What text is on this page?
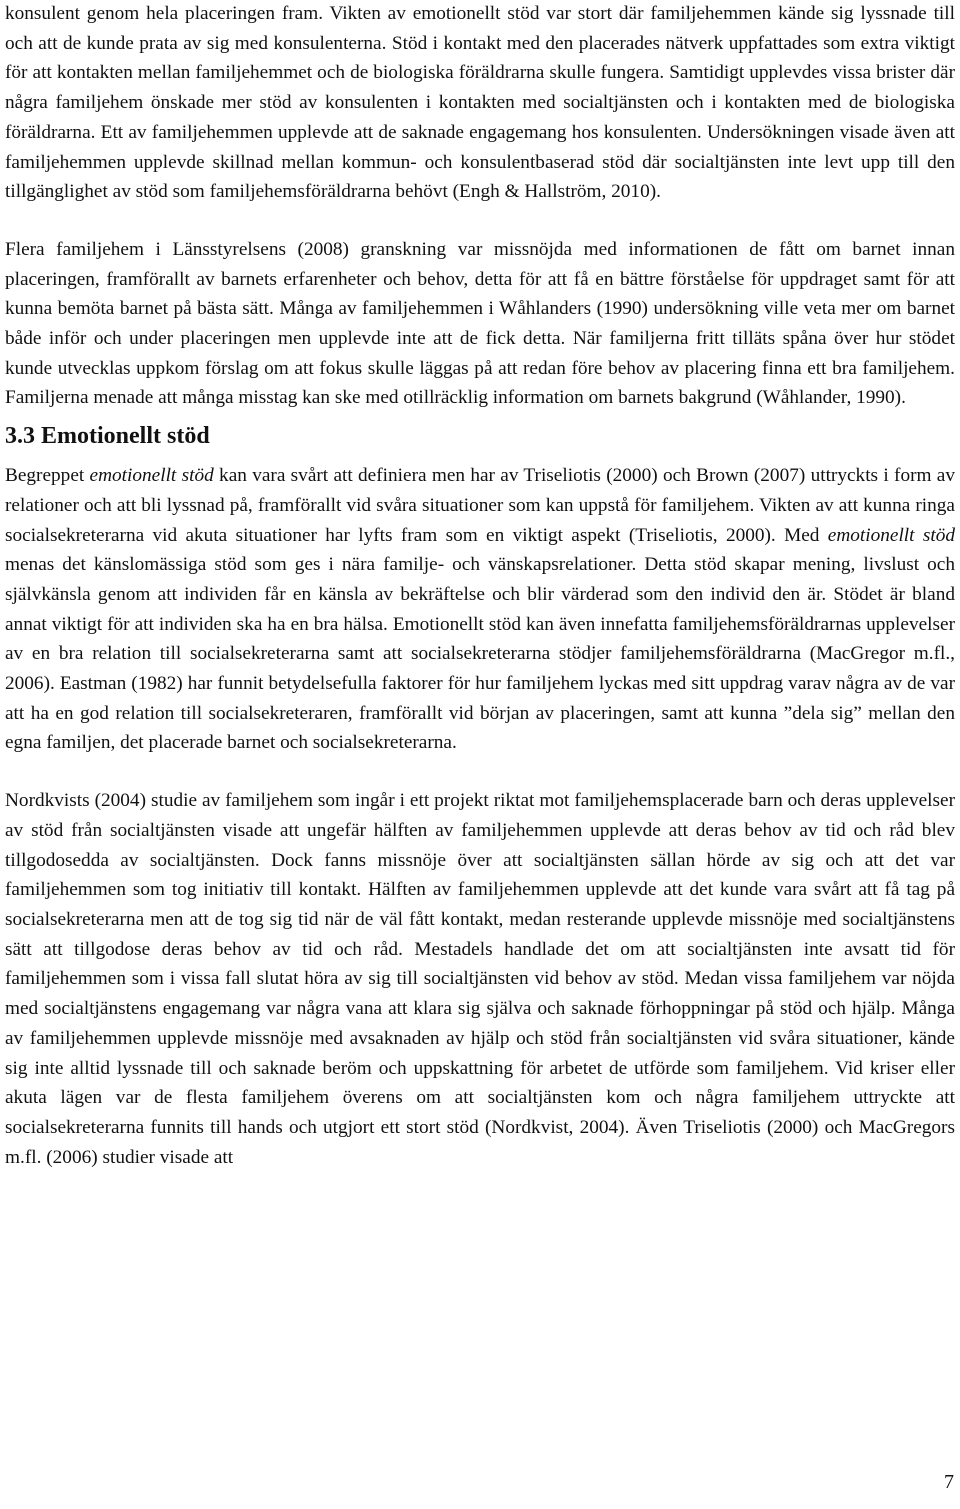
konsulent genom hela placeringen fram. Vikten av emotionellt stöd var stort där familjehemmen kände sig lyssnade till och att de kunde prata av sig med konsulenterna. Stöd i kontakt med den placerades nätverk uppfattades som extra viktigt för att kontakten mellan familjehemmet och de biologiska föräldrarna skulle fungera. Samtidigt upplevdes vissa brister där några familjehem önskade mer stöd av konsulenten i kontakten med socialtjänsten och i kontakten med de biologiska föräldrarna. Ett av familjehemmen upplevde att de saknade engagemang hos konsulenten. Undersökningen visade även att familjehemmen upplevde skillnad mellan kommun- och konsulentbaserad stöd där socialtjänsten inte levt upp till den tillgänglighet av stöd som familjehemsföräldrarna behövt (Engh & Hallström, 2010).

Flera familjehem i Länsstyrelsens (2008) granskning var missnöjda med informationen de fått om barnet innan placeringen, framförallt av barnets erfarenheter och behov, detta för att få en bättre förståelse för uppdraget samt för att kunna bemöta barnet på bästa sätt. Många av familjehemmen i Wåhlanders (1990) undersökning ville veta mer om barnet både inför och under placeringen men upplevde inte att de fick detta. När familjerna fritt tilläts spåna över hur stödet kunde utvecklas uppkom förslag om att fokus skulle läggas på att redan före behov av placering finna ett bra familjehem. Familjerna menade att många misstag kan ske med otillräcklig information om barnets bakgrund (Wåhlander, 1990).

3.3 Emotionellt stöd

Begreppet emotionellt stöd kan vara svårt att definiera men har av Triseliotis (2000) och Brown (2007) uttryckts i form av relationer och att bli lyssnad på, framförallt vid svåra situationer som kan uppstå för familjehem. Vikten av att kunna ringa socialsekreterarna vid akuta situationer har lyfts fram som en viktigt aspekt (Triseliotis, 2000). Med emotionellt stöd menas det känslomässiga stöd som ges i nära familje- och vänskapsrelationer. Detta stöd skapar mening, livslust och självkänsla genom att individen får en känsla av bekräftelse och blir värderad som den individ den är. Stödet är bland annat viktigt för att individen ska ha en bra hälsa. Emotionellt stöd kan även innefatta familjehemsföräldrarnas upplevelser av en bra relation till socialsekreterarna samt att socialsekreterarna stödjer familjehemsföräldrarna (MacGregor m.fl., 2006). Eastman (1982) har funnit betydelsefulla faktorer för hur familjehem lyckas med sitt uppdrag varav några av de var att ha en god relation till socialsekreteraren, framförallt vid början av placeringen, samt att kunna ”dela sig” mellan den egna familjen, det placerade barnet och socialsekreterarna.

Nordkvists (2004) studie av familjehem som ingår i ett projekt riktat mot familjehemsplacerade barn och deras upplevelser av stöd från socialtjänsten visade att ungefär hälften av familjehemmen upplevde att deras behov av tid och råd blev tillgodosedda av socialtjänsten. Dock fanns missnöje över att socialtjänsten sällan hörde av sig och att det var familjehemmen som tog initiativ till kontakt. Hälften av familjehemmen upplevde att det kunde vara svårt att få tag på socialsekreterarna men att de tog sig tid när de väl fått kontakt, medan resterande upplevde missnöje med socialtjänstens sätt att tillgodose deras behov av tid och råd. Mestadels handlade det om att socialtjänsten inte avsatt tid för familjehemmen som i vissa fall slutat höra av sig till socialtjänsten vid behov av stöd. Medan vissa familjehem var nöjda med socialtjänstens engagemang var några vana att klara sig själva och saknade förhoppningar på stöd och hjälp. Många av familjehemmen upplevde missnöje med avsaknaden av hjälp och stöd från socialtjänsten vid svåra situationer, kände sig inte alltid lyssnade till och saknade beröm och uppskattning för arbetet de utförde som familjehem. Vid kriser eller akuta lägen var de flesta familjehem överens om att socialtjänsten kom och några familjehem uttryckte att socialsekreterarna funnits till hands och utgjort ett stort stöd (Nordkvist, 2004). Även Triseliotis (2000) och MacGregors m.fl. (2006) studier visade att

7
